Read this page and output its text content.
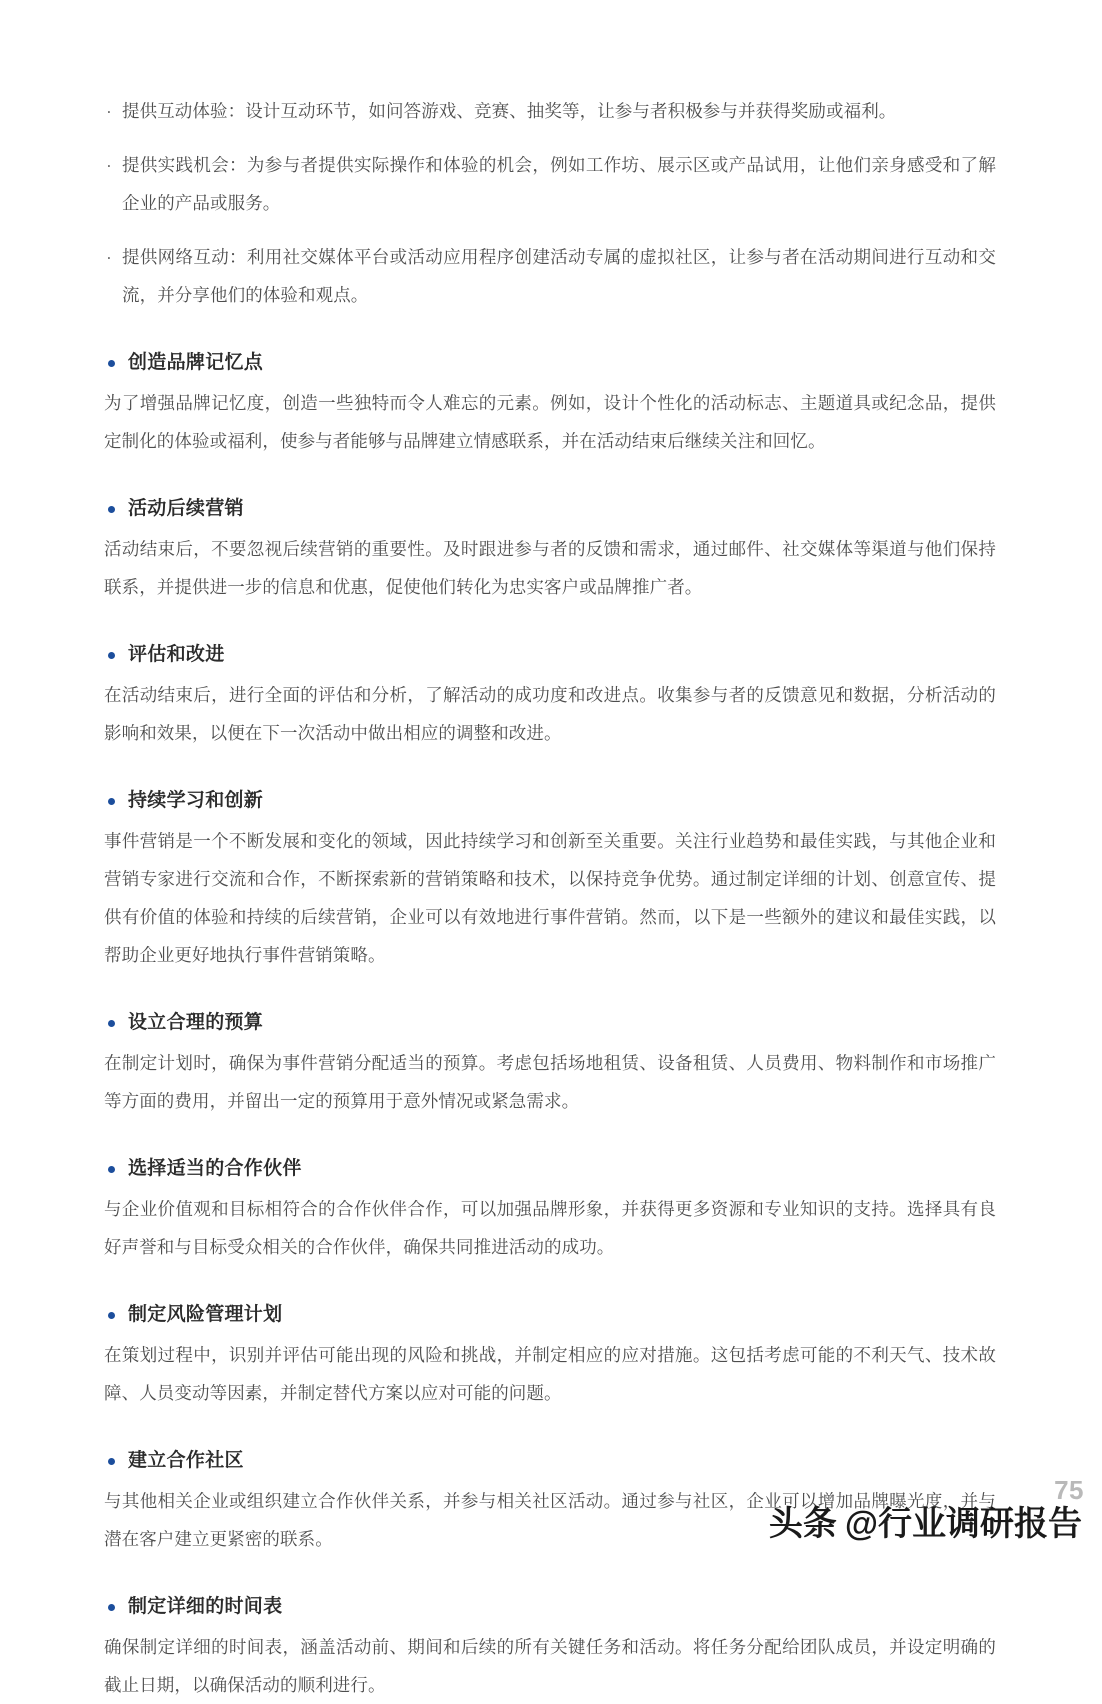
· 提供互动体验：设计互动环节，如问答游戏、竞赛、抽奖等，让参与者积极参与并获得奖励或福利。
· 提供实践机会：为参与者提供实际操作和体验的机会，例如工作坊、展示区或产品试用，让他们亲身感受和了解企业的产品或服务。
· 提供网络互动：利用社交媒体平台或活动应用程序创建活动专属的虚拟社区，让参与者在活动期间进行互动和交流，并分享他们的体验和观点。
创造品牌记忆点

为了增强品牌记忆度，创造一些独特而令人难忘的元素。例如，设计个性化的活动标志、主题道具或纪念品，提供定制化的体验或福利，使参与者能够与品牌建立情感联系，并在活动结束后继续关注和回忆。

活动后续营销

活动结束后，不要忽视后续营销的重要性。及时跟进参与者的反馈和需求，通过邮件、社交媒体等渠道与他们保持联系，并提供进一步的信息和优惠，促使他们转化为忠实客户或品牌推广者。

评估和改进

在活动结束后，进行全面的评估和分析，了解活动的成功度和改进点。收集参与者的反馈意见和数据，分析活动的影响和效果，以便在下一次活动中做出相应的调整和改进。

持续学习和创新

事件营销是一个不断发展和变化的领域，因此持续学习和创新至关重要。关注行业趋势和最佳实践，与其他企业和营销专家进行交流和合作，不断探索新的营销策略和技术，以保持竞争优势。通过制定详细的计划、创意宣传、提供有价值的体验和持续的后续营销，企业可以有效地进行事件营销。然而，以下是一些额外的建议和最佳实践，以帮助企业更好地执行事件营销策略。

设立合理的预算

在制定计划时，确保为事件营销分配适当的预算。考虑包括场地租赁、设备租赁、人员费用、物料制作和市场推广等方面的费用，并留出一定的预算用于意外情况或紧急需求。

选择适当的合作伙伴

与企业价值观和目标相符合的合作伙伴合作，可以加强品牌形象，并获得更多资源和专业知识的支持。选择具有良好声誉和与目标受众相关的合作伙伴，确保共同推进活动的成功。

制定风险管理计划

在策划过程中，识别并评估可能出现的风险和挑战，并制定相应的应对措施。这包括考虑可能的不利天气、技术故障、人员变动等因素，并制定替代方案以应对可能的问题。

建立合作社区

与其他相关企业或组织建立合作伙伴关系，并参与相关社区活动。通过参与社区，企业可以增加品牌曝光度，并与潜在客户建立更紧密的联系。

制定详细的时间表

确保制定详细的时间表，涵盖活动前、期间和后续的所有关键任务和活动。将任务分配给团队成员，并设定明确的截止日期，以确保活动的顺利进行。

75
头条 @行业调研报告
